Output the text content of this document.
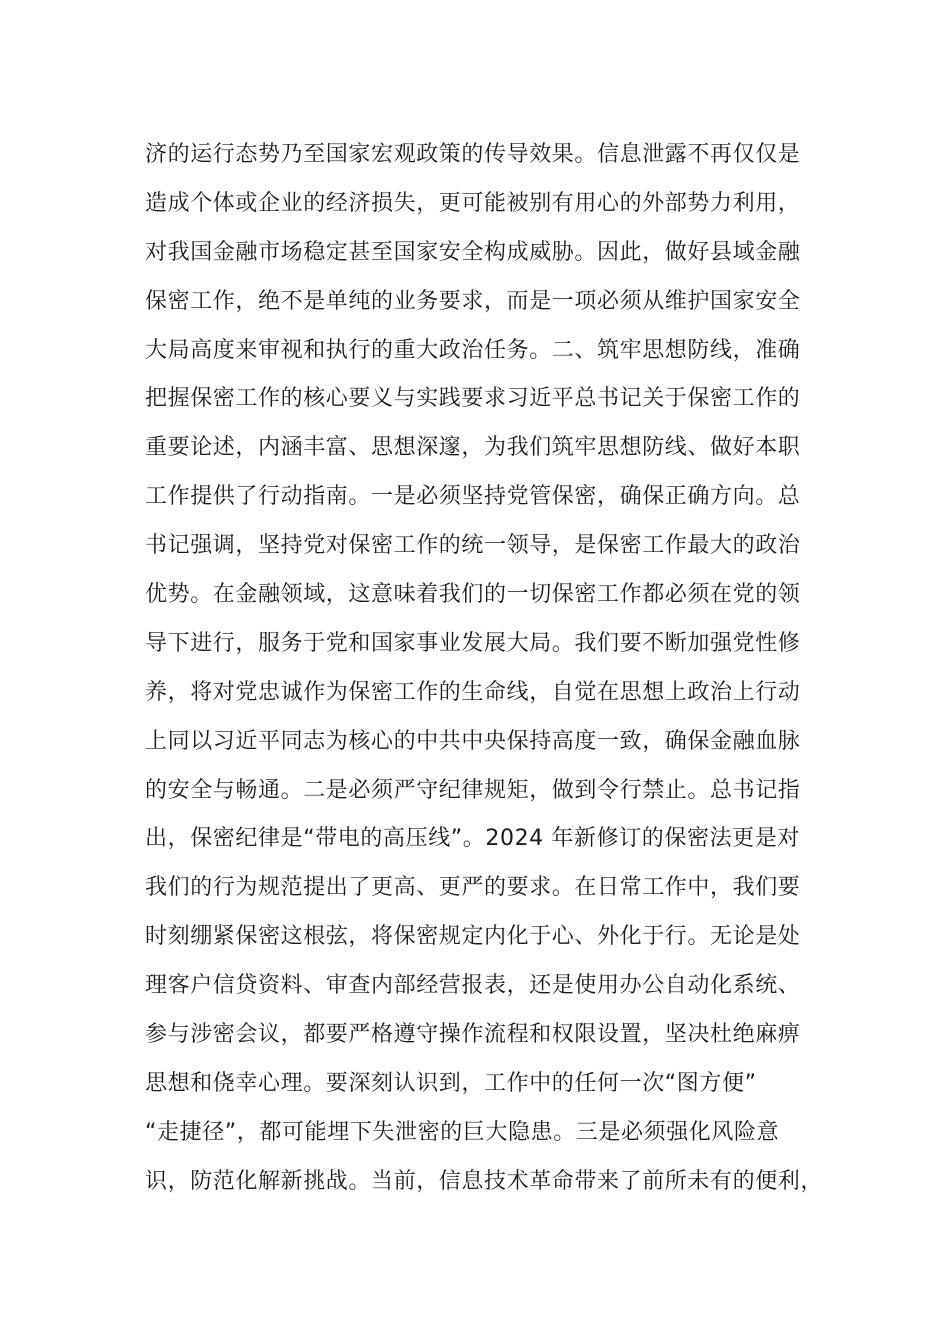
济的运行态势乃至国家宏观政策的传导效果。信息泄露不再仅仅是
造成个体或企业的经济损失，更可能被别有用心的外部势力利用，
对我国金融市场稳定甚至国家安全构成威胁。因此，做好县域金融
保密工作，绝不是单纯的业务要求，而是一项必须从维护国家安全
大局高度来审视和执行的重大政治任务。二、筑牢思想防线，准确
把握保密工作的核心要义与实践要求习近平总书记关于保密工作的
重要论述，内涵丰富、思想深邃，为我们筑牢思想防线、做好本职
工作提供了行动指南。一是必须坚持党管保密，确保正确方向。总
书记强调，坚持党对保密工作的统一领导，是保密工作最大的政治
优势。在金融领域，这意味着我们的一切保密工作都必须在党的领
导下进行，服务于党和国家事业发展大局。我们要不断加强党性修
养，将对党忠诚作为保密工作的生命线，自觉在思想上政治上行动
上同以习近平同志为核心的中共中央保持高度一致，确保金融血脉
的安全与畅通。二是必须严守纪律规矩，做到令行禁止。总书记指
出，保密纪律是“带电的高压线”。2024 年新修订的保密法更是对
我们的行为规范提出了更高、更严的要求。在日常工作中，我们要
时刻绷紧保密这根弦，将保密规定内化于心、外化于行。无论是处
理客户信贷资料、审查内部经营报表，还是使用办公自动化系统、
参与涉密会议，都要严格遵守操作流程和权限设置，坚决杜绝麻痹
思想和侥幸心理。要深刻认识到，工作中的任何一次“图方便”
“走捷径”，都可能埋下失泄密的巨大隐患。三是必须强化风险意
识，防范化解新挑战。当前，信息技术革命带来了前所未有的便利，
